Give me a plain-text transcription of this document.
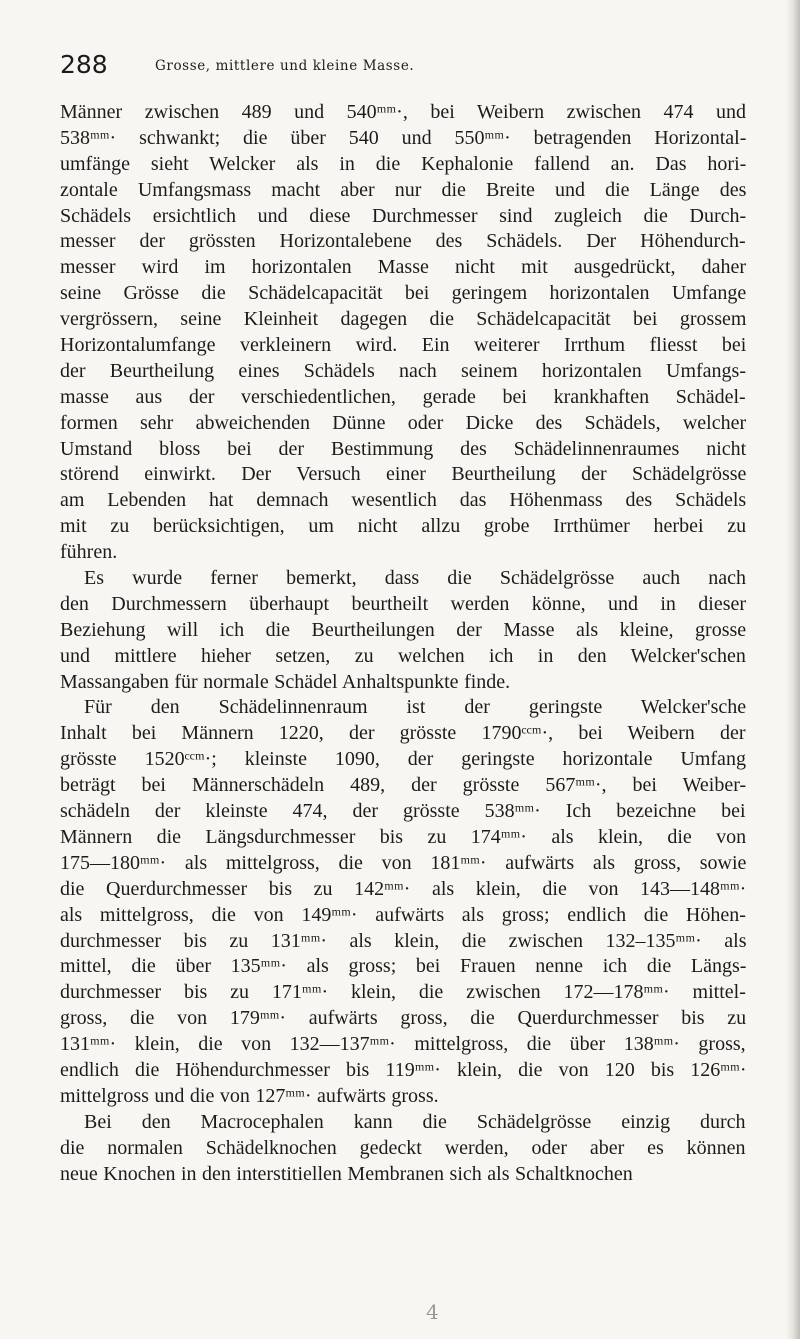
288	Grosse, mittlere und kleine Masse.
Männer zwischen 489 und 540ᵐᵐ·, bei Weibern zwischen 474 und
538ᵐᵐ· schwankt; die über 540 und 550ᵐᵐ· betragenden Horizontal-
umfänge sieht Welcker als in die Kephalonie fallend an. Das hori-
zontale Umfangsmass macht aber nur die Breite und die Länge des
Schädels ersichtlich und diese Durchmesser sind zugleich die Durch-
messer der grössten Horizontalebene des Schädels. Der Höhendurch-
messer wird im horizontalen Masse nicht mit ausgedrückt, daher
seine Grösse die Schädelcapacität bei geringem horizontalen Umfange
vergrössern, seine Kleinheit dagegen die Schädelcapacität bei grossem
Horizontalumfange verkleinern wird. Ein weiterer Irrthum fliesst bei
der Beurtheilung eines Schädels nach seinem horizontalen Umfangs-
masse aus der verschiedentlichen, gerade bei krankhaften Schädel-
formen sehr abweichenden Dünne oder Dicke des Schädels, welcher
Umstand bloss bei der Bestimmung des Schädelinnenraumes nicht
störend einwirkt. Der Versuch einer Beurtheilung der Schädelgrösse
am Lebenden hat demnach wesentlich das Höhenmass des Schädels
mit zu berücksichtigen, um nicht allzu grobe Irrthümer herbei zu
führen.
Es wurde ferner bemerkt, dass die Schädelgrösse auch nach
den Durchmessern überhaupt beurtheilt werden könne, und in dieser
Beziehung will ich die Beurtheilungen der Masse als kleine, grosse
und mittlere hieher setzen, zu welchen ich in den Welcker'schen
Massangaben für normale Schädel Anhaltspunkte finde.
Für den Schädelinnenraum ist der geringste Welcker'sche
Inhalt bei Männern 1220, der grösste 1790ᶜᶜᵐ·, bei Weibern der
grösste 1520ᶜᶜᵐ·; kleinste 1090, der geringste horizontale Umfang
beträgt bei Männerschädeln 489, der grösste 567ᵐᵐ·, bei Weiber-
schädeln der kleinste 474, der grösste 538ᵐᵐ· Ich bezeichne bei
Männern die Längsdurchmesser bis zu 174ᵐᵐ· als klein, die von
175—180ᵐᵐ· als mittelgross, die von 181ᵐᵐ· aufwärts als gross, sowie
die Querdurchmesser bis zu 142ᵐᵐ· als klein, die von 143—148ᵐᵐ·
als mittelgross, die von 149ᵐᵐ· aufwärts als gross; endlich die Höhen-
durchmesser bis zu 131ᵐᵐ· als klein, die zwischen 132–135ᵐᵐ· als
mittel, die über 135ᵐᵐ· als gross; bei Frauen nenne ich die Längs-
durchmesser bis zu 171ᵐᵐ· klein, die zwischen 172—178ᵐᵐ· mittel-
gross, die von 179ᵐᵐ· aufwärts gross, die Querdurchmesser bis zu
131ᵐᵐ· klein, die von 132—137ᵐᵐ· mittelgross, die über 138ᵐᵐ· gross,
endlich die Höhendurchmesser bis 119ᵐᵐ· klein, die von 120 bis 126ᵐᵐ·
mittelgross und die von 127ᵐᵐ· aufwärts gross.
Bei den Macrocephalen kann die Schädelgrösse einzig durch
die normalen Schädelknochen gedeckt werden, oder aber es können
neue Knochen in den interstitiellen Membranen sich als Schaltknochen
4
